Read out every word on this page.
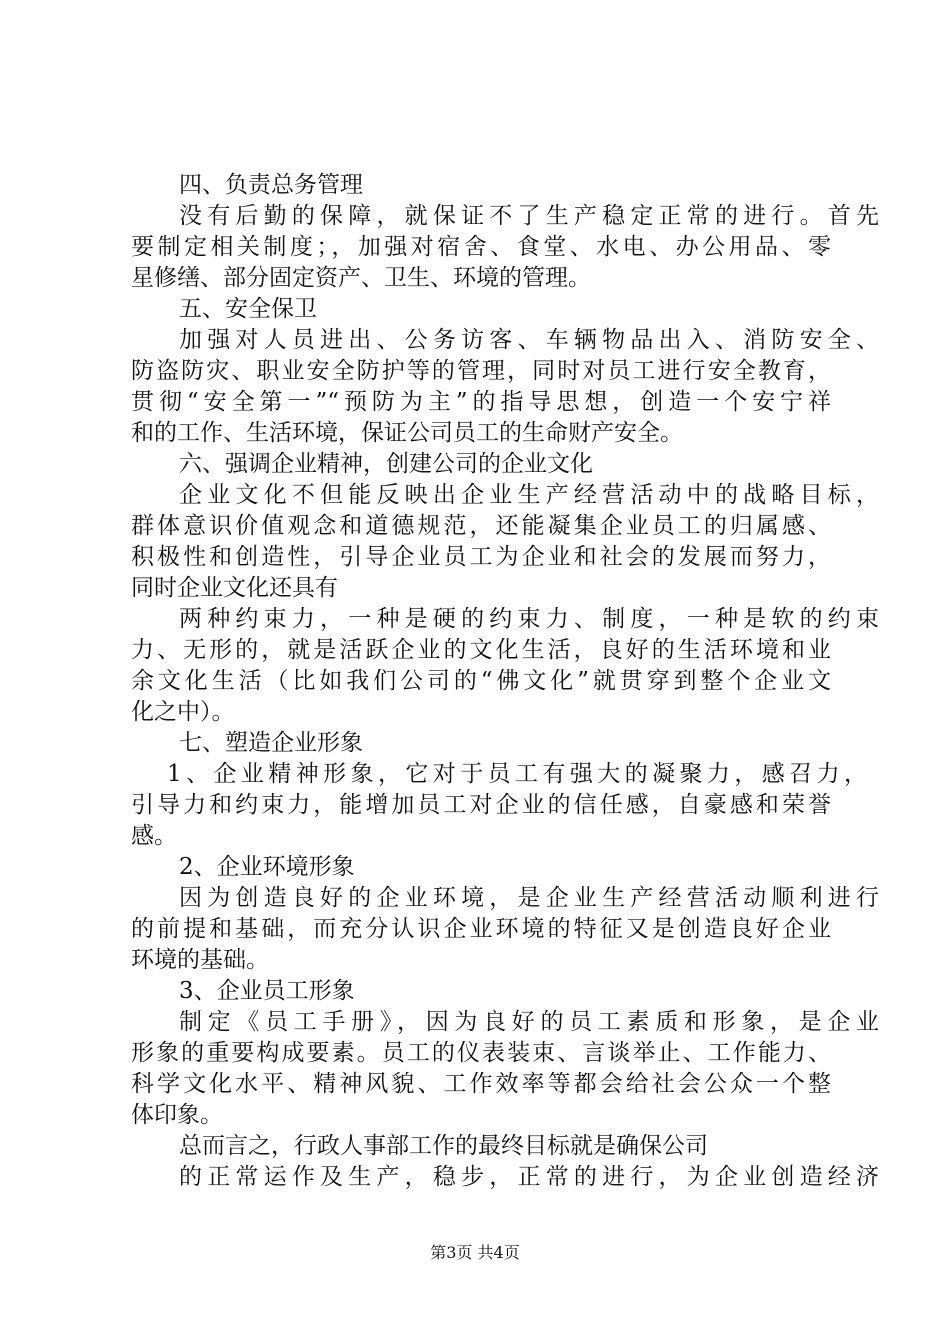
四、负责总务管理
没有后勤的保障，就保证不了生产稳定正常的进行。首先
要制定相关制度；，加强对宿舍、食堂、水电、办公用品、零
星修缮、部分固定资产、卫生、环境的管理。
五、安全保卫
加强对人员进出、公务访客、车辆物品出入、消防安全、
防盗防灾、职业安全防护等的管理，同时对员工进行安全教育，
贯彻“安全第一”“预防为主”的指导思想，创造一个安宁祥
和的工作、生活环境，保证公司员工的生命财产安全。
六、强调企业精神，创建公司的企业文化
企业文化不但能反映出企业生产经营活动中的战略目标，
群体意识价值观念和道德规范，还能凝集企业员工的归属感、
积极性和创造性，引导企业员工为企业和社会的发展而努力，
同时企业文化还具有
两种约束力，一种是硬的约束力、制度，一种是软的约束
力、无形的，就是活跃企业的文化生活，良好的生活环境和业
余文化生活（比如我们公司的“佛文化”就贯穿到整个企业文
化之中）。
七、塑造企业形象
1、企业精神形象，它对于员工有强大的凝聚力，感召力，
引导力和约束力，能增加员工对企业的信任感，自豪感和荣誉
感。
2、企业环境形象
因为创造良好的企业环境，是企业生产经营活动顺利进行
的前提和基础，而充分认识企业环境的特征又是创造良好企业
环境的基础。
3、企业员工形象
制定《员工手册》，因为良好的员工素质和形象，是企业
形象的重要构成要素。员工的仪表装束、言谈举止、工作能力、
科学文化水平、精神风貌、工作效率等都会给社会公众一个整
体印象。
总而言之，行政人事部工作的最终目标就是确保公司
的正常运作及生产，稳步，正常的进行，为企业创造经济
第3页 共4页
